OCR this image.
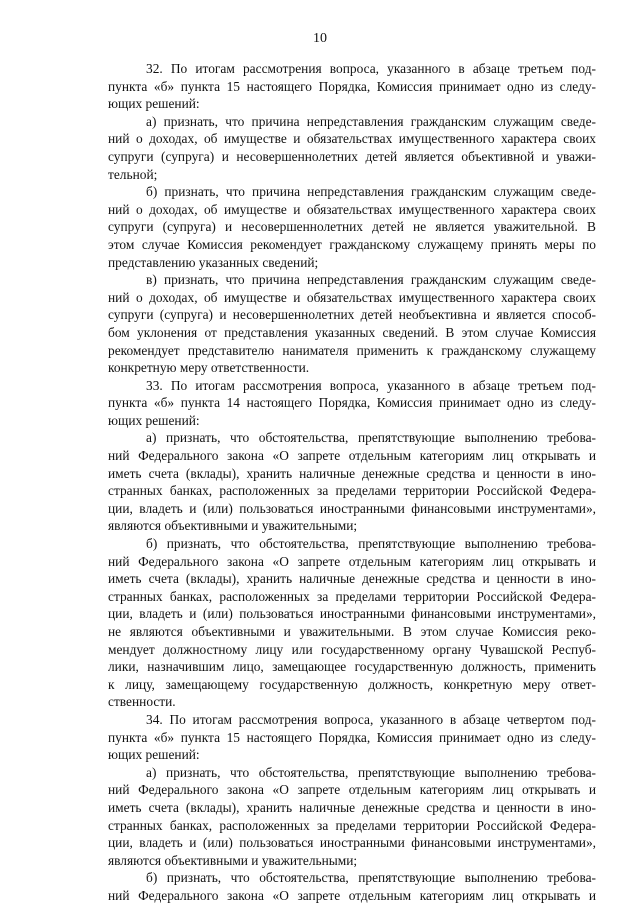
10
32. По итогам рассмотрения вопроса, указанного в абзаце третьем под-
пункта «б» пункта 15 настоящего Порядка, Комиссия принимает одно из следу-
ющих решений:
а) признать, что причина непредставления гражданским служащим сведе-
ний о доходах, об имуществе и обязательствах имущественного характера своих
супруги (супруга) и несовершеннолетних детей является объективной и уважи-
тельной;
б) признать, что причина непредставления гражданским служащим сведе-
ний о доходах, об имуществе и обязательствах имущественного характера своих
супруги (супруга) и несовершеннолетних детей не является уважительной. В
этом случае Комиссия рекомендует гражданскому служащему принять меры по
представлению указанных сведений;
в) признать, что причина непредставления гражданским служащим сведе-
ний о доходах, об имуществе и обязательствах имущественного характера своих
супруги (супруга) и несовершеннолетних детей необъективна и является способ-
бом уклонения от представления указанных сведений. В этом случае Комиссия
рекомендует представителю нанимателя применить к гражданскому служащему
конкретную меру ответственности.
33. По итогам рассмотрения вопроса, указанного в абзаце третьем под-
пункта «б» пункта 14 настоящего Порядка, Комиссия принимает одно из следу-
ющих решений:
а) признать, что обстоятельства, препятствующие выполнению требова-
ний Федерального закона «О запрете отдельным категориям лиц открывать и
иметь счета (вклады), хранить наличные денежные средства и ценности в ино-
странных банках, расположенных за пределами территории Российской Федера-
ции, владеть и (или) пользоваться иностранными финансовыми инструментами»,
являются объективными и уважительными;
б) признать, что обстоятельства, препятствующие выполнению требова-
ний Федерального закона «О запрете отдельным категориям лиц открывать и
иметь счета (вклады), хранить наличные денежные средства и ценности в ино-
странных банках, расположенных за пределами территории Российской Федера-
ции, владеть и (или) пользоваться иностранными финансовыми инструментами»,
не являются объективными и уважительными. В этом случае Комиссия реко-
мендует должностному лицу или государственному органу Чувашской Респуб-
лики, назначившим лицо, замещающее государственную должность, применить
к лицу, замещающему государственную должность, конкретную меру ответ-
ственности.
34. По итогам рассмотрения вопроса, указанного в абзаце четвертом под-
пункта «б» пункта 15 настоящего Порядка, Комиссия принимает одно из следу-
ющих решений:
а) признать, что обстоятельства, препятствующие выполнению требова-
ний Федерального закона «О запрете отдельным категориям лиц открывать и
иметь счета (вклады), хранить наличные денежные средства и ценности в ино-
странных банках, расположенных за пределами территории Российской Федера-
ции, владеть и (или) пользоваться иностранными финансовыми инструментами»,
являются объективными и уважительными;
б) признать, что обстоятельства, препятствующие выполнению требова-
ний Федерального закона «О запрете отдельным категориям лиц открывать и
